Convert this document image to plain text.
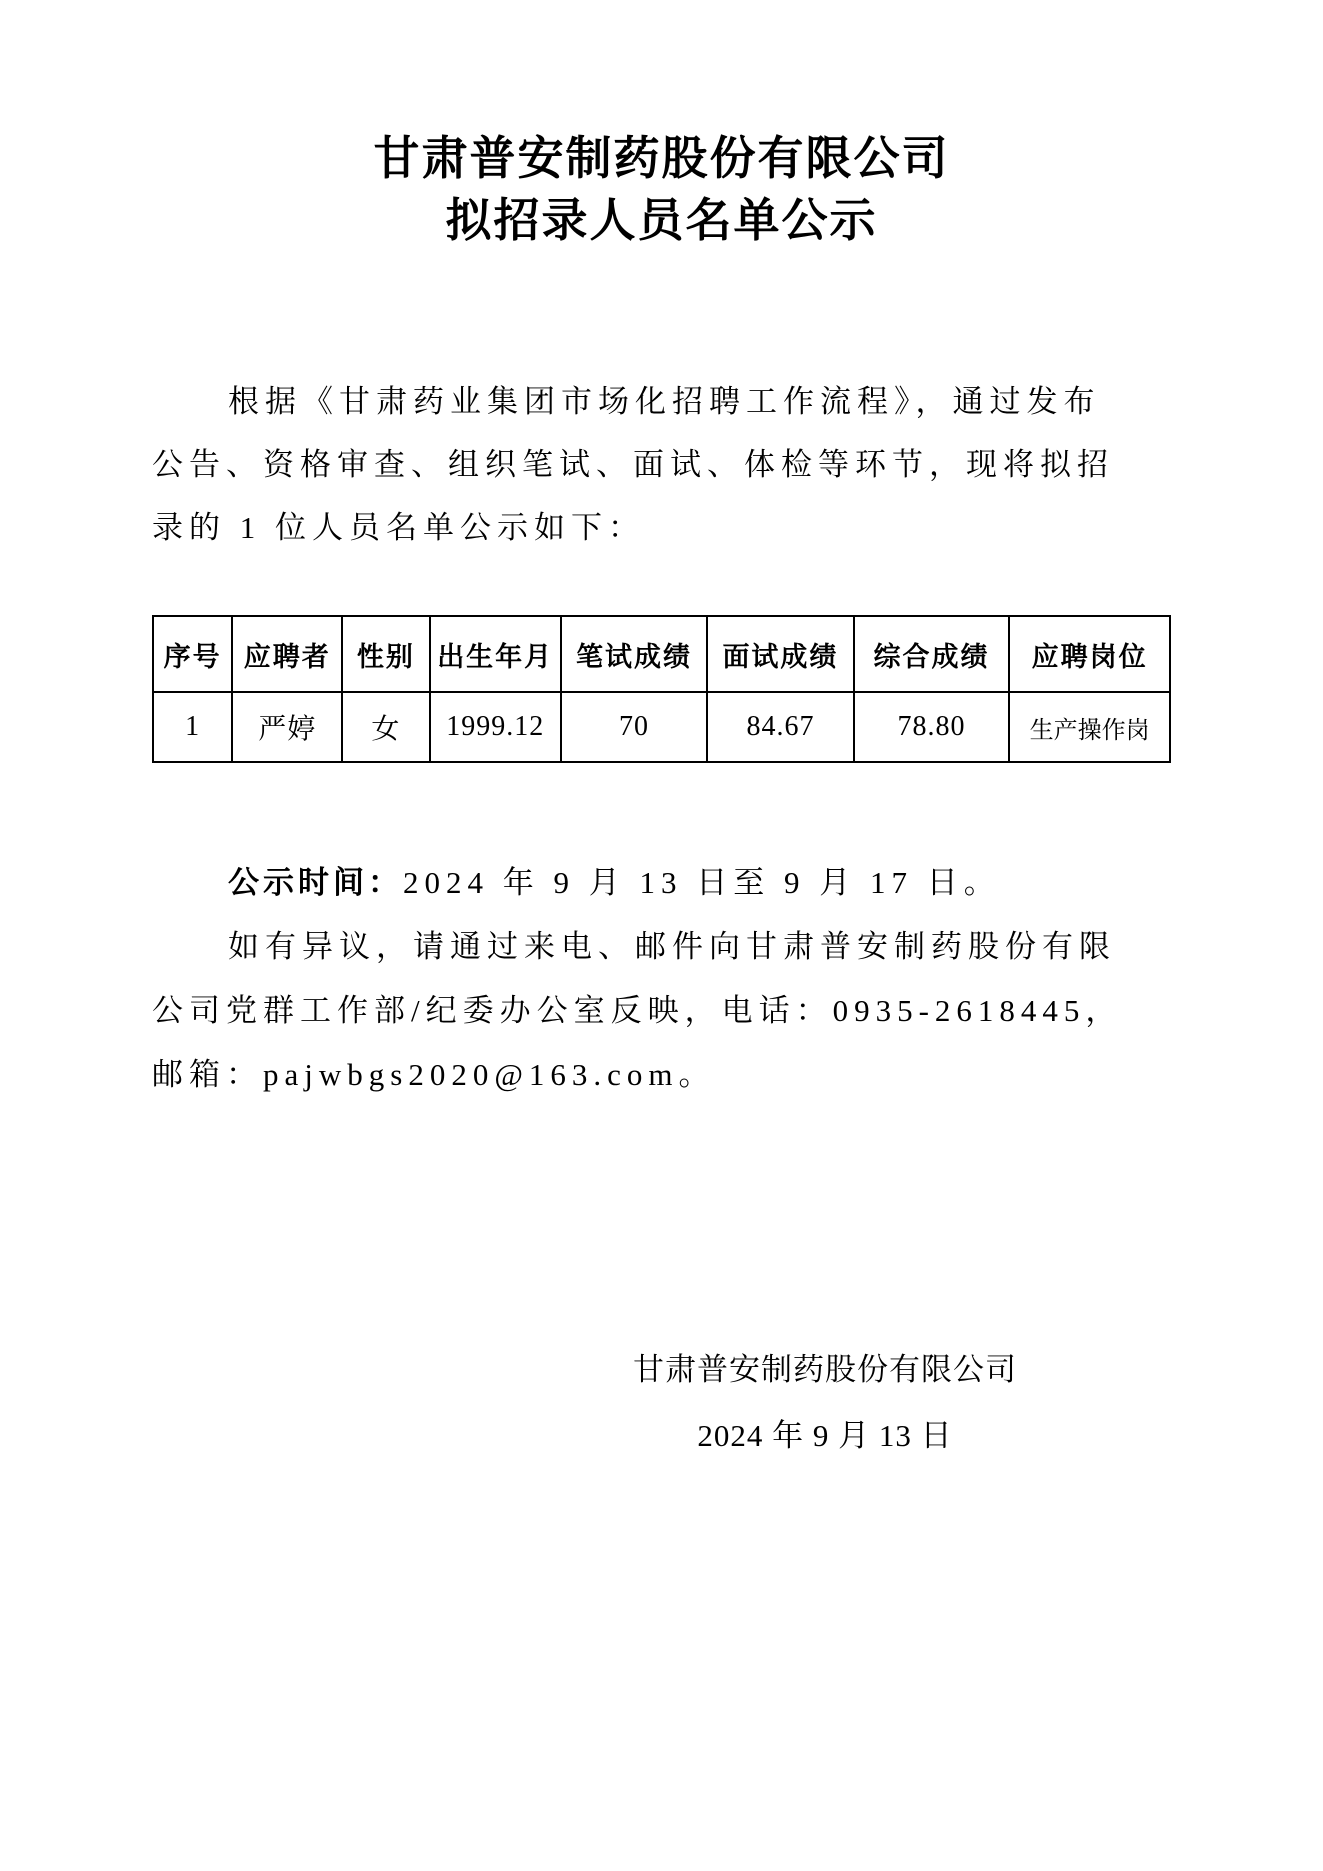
甘肃普安制药股份有限公司
拟招录人员名单公示
根据《甘肃药业集团市场化招聘工作流程》，通过发布
公告、资格审查、组织笔试、面试、体检等环节，现将拟招
录的 1 位人员名单公示如下：
序号	应聘者	性别	出生年月	笔试成绩	面试成绩	综合成绩	应聘岗位
1	严婷	女	1999.12	70	84.67	78.80	生产操作岗
公示时间：2024 年 9 月 13 日至 9 月 17 日。
如有异议，请通过来电、邮件向甘肃普安制药股份有限
公司党群工作部/纪委办公室反映，电话：0935-2618445，
邮箱：pajwbgs2020@163.com。
甘肃普安制药股份有限公司
2024 年 9 月 13 日
